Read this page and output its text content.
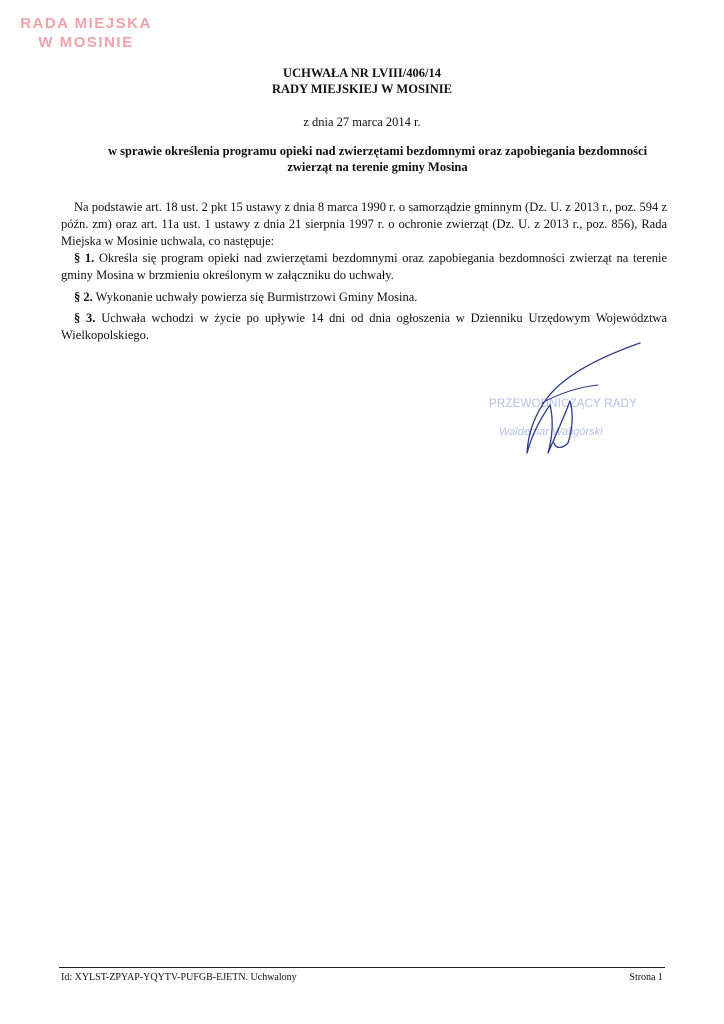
RADA MIEJSKA
W MOSINIE
UCHWAŁA NR LVIII/406/14
RADY MIEJSKIEJ W MOSINIE
z dnia 27 marca 2014 r.
w sprawie określenia programu opieki nad zwierzętami bezdomnymi oraz zapobiegania bezdomności
zwierząt na terenie gminy Mosina
Na podstawie art. 18 ust. 2 pkt 15 ustawy z dnia 8 marca 1990 r. o samorządzie gminnym (Dz. U. z 2013 r., poz. 594 z późn. zm) oraz art. 11a ust. 1 ustawy z dnia 21 sierpnia 1997 r. o ochronie zwierząt (Dz. U. z 2013 r., poz. 856), Rada Miejska w Mosinie uchwala, co następuje:
§ 1. Określa się program opieki nad zwierzętami bezdomnymi oraz zapobiegania bezdomności zwierząt na terenie gminy Mosina w brzmieniu określonym w załączniku do uchwały.
§ 2. Wykonanie uchwały powierza się Burmistrzowi Gminy Mosina.
§ 3. Uchwała wchodzi w życie po upływie 14 dni od dnia ogłoszenia w Dzienniku Urzędowym Województwa Wielkopolskiego.
PRZEWODNICZĄCY RADY
Waldemar Waligórski
Id: XYLST-ZPYAP-YQYTV-PUFGB-EJETN. Uchwalony	Strona 1
